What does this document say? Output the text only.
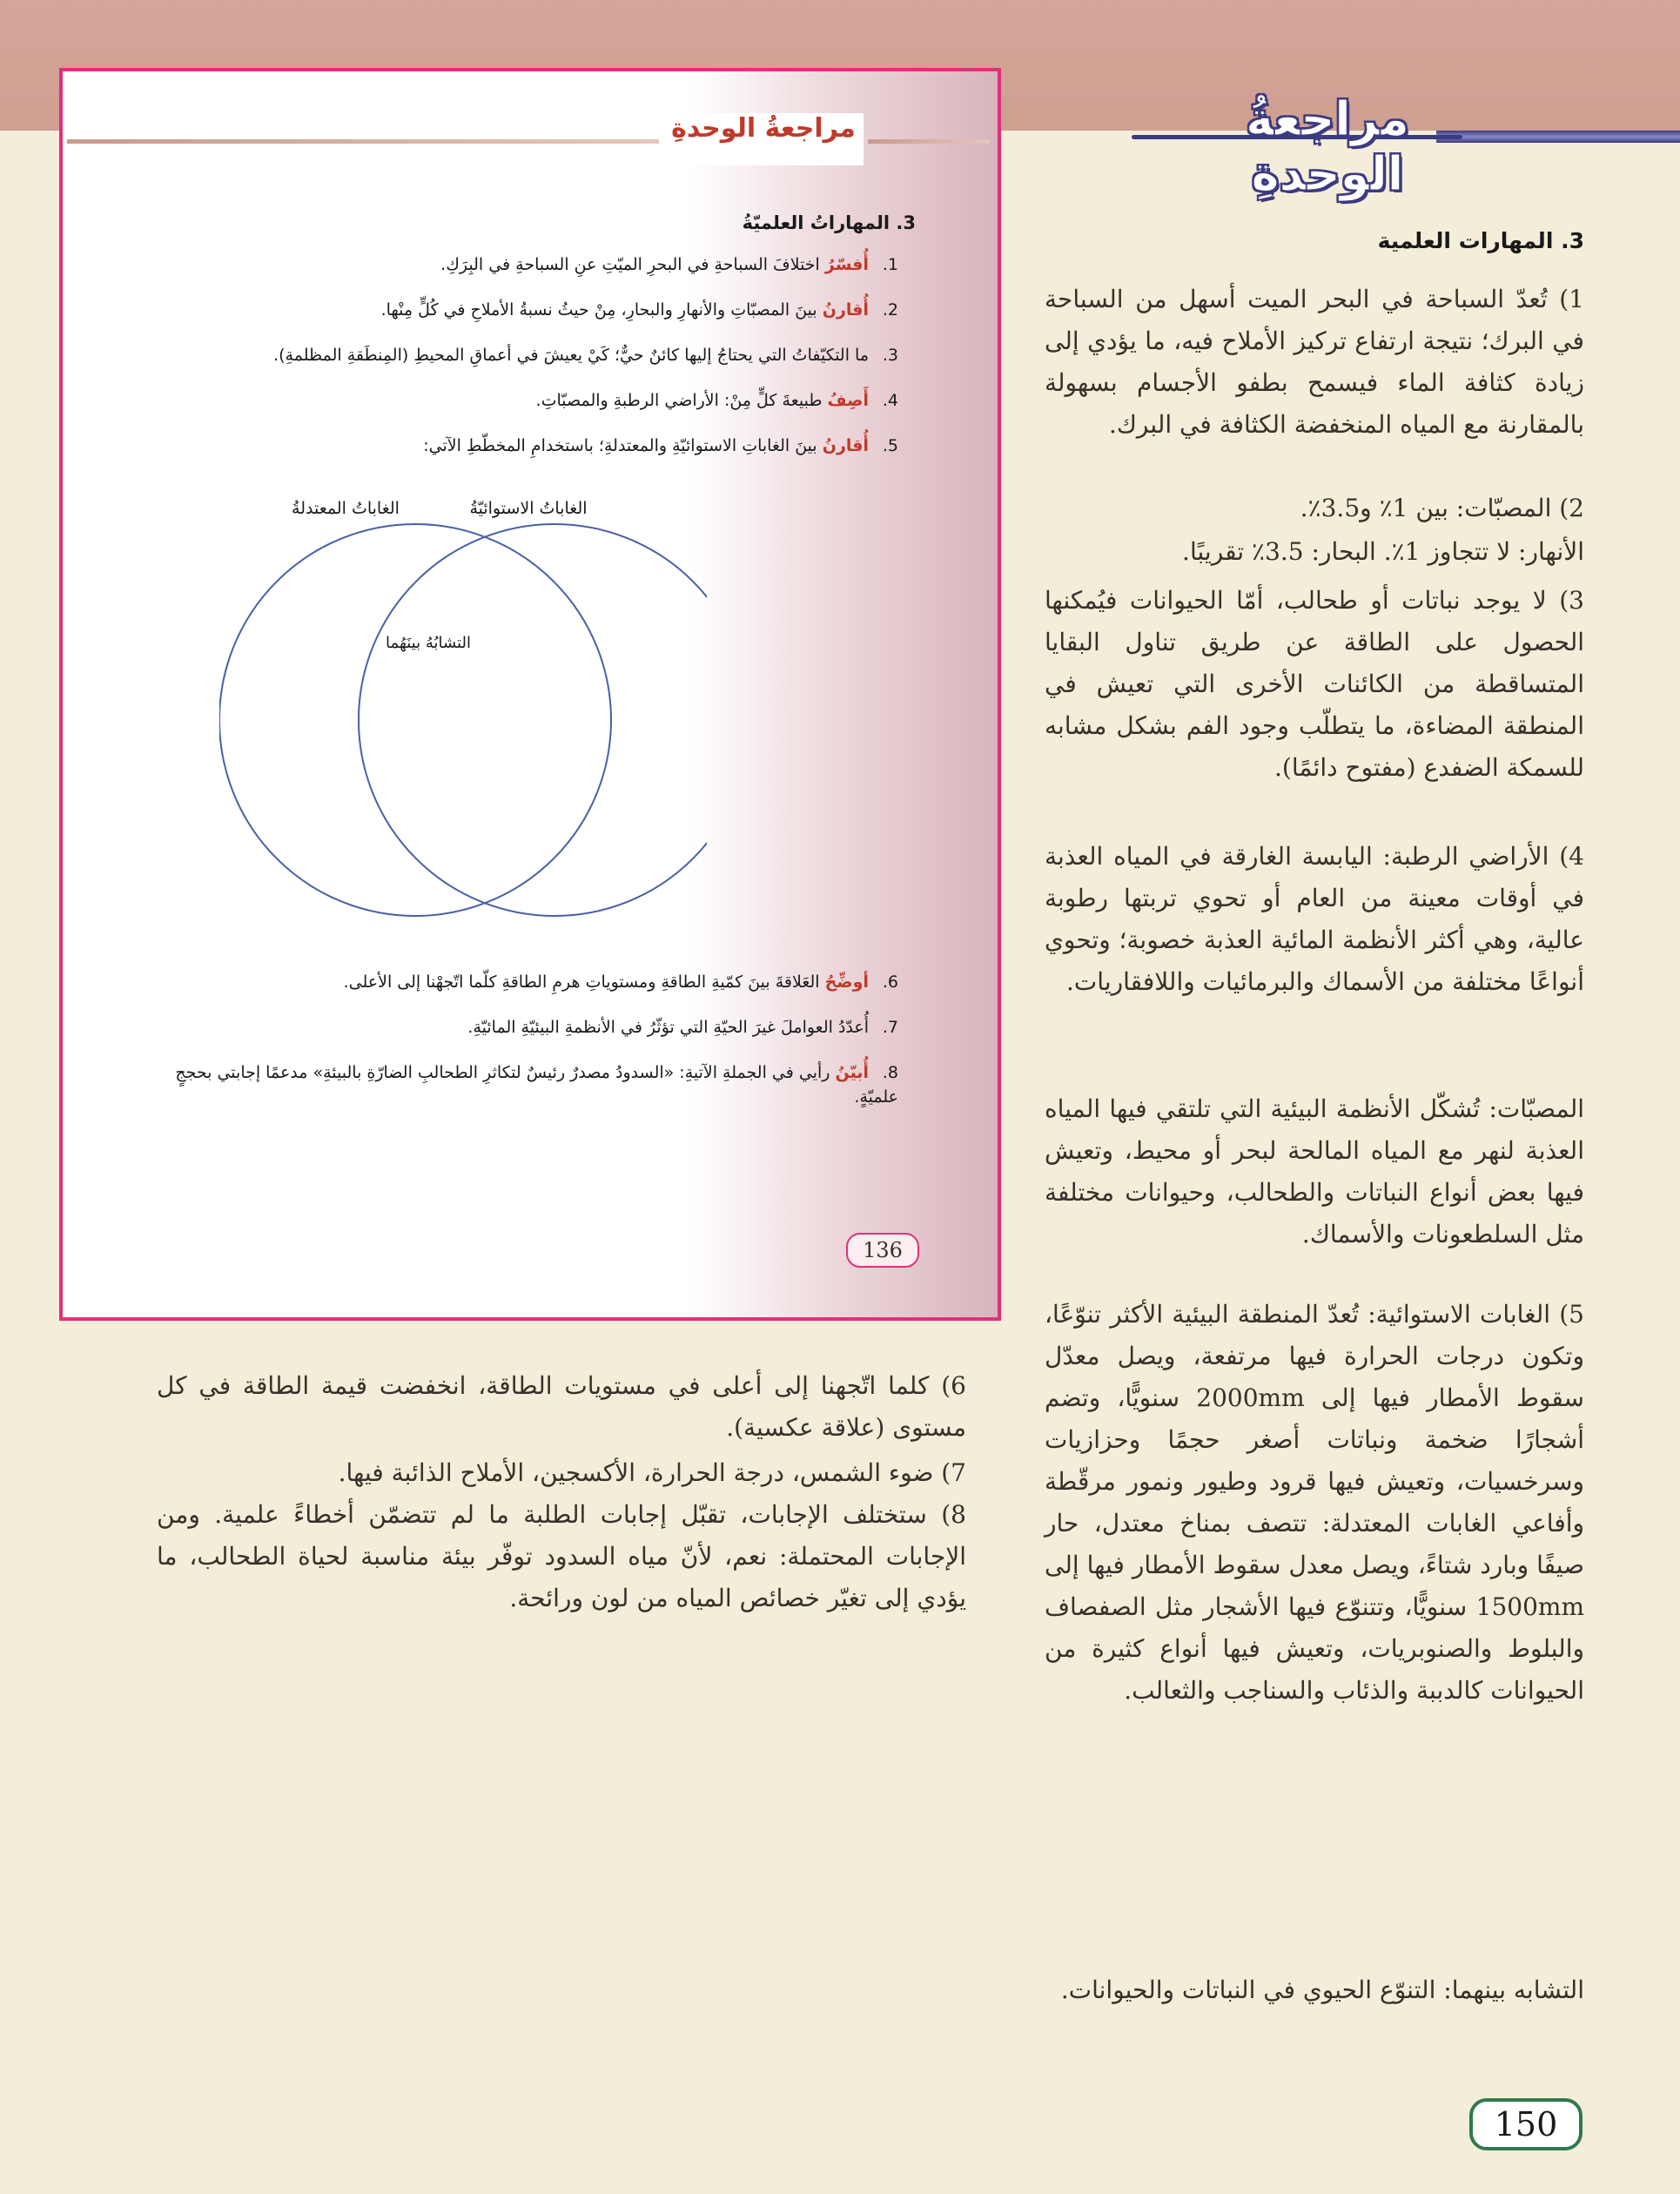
مراجعةُ الوحدةِ
مراجعةُ الوحدةِ
3. المهاراتُ العلميّةُ
1.أُفسّرُ اختلافَ السباحةِ في البحرِ الميّتِ عنِ السباحةِ في البِرَكِ.
2.أُقارنُ بينَ المصبّاتِ والأنهارِ والبحارِ، مِنْ حيثُ نسبةُ الأملاحِ في كُلٍّ مِنْها.
3.ما التكيّفاتُ التي يحتاجُ إليها كائنٌ حيٌّ؛ كَيْ يعيشَ في أعماقِ المحيطِ (المِنطَقةِ المظلمةِ).
4.أَصِفُ طبيعةَ كلٍّ مِنْ: الأراضي الرطبةِ والمصبّاتِ.
5.أُقارنُ بينَ الغاباتِ الاستوائيّةِ والمعتدلةِ؛ باستخدامِ المخطّطِ الآتي:
الغاباتُ الاستوائيّةُ
الغاباتُ المعتدلةُ
التشابُهُ بينَهُما
6.أوضِّحُ العَلاقةَ بينَ كمّيةِ الطاقةِ ومستوياتِ هرمِ الطاقةِ كلّما اتّجهْنا إلى الأعلى.
7.أُعدّدُ العواملَ غيرَ الحيّةِ التي تؤثّرُ في الأنظمةِ البيئيّةِ المائيّةِ.
8.أُبيّنُ رأيي في الجملةِ الآتيةِ: «السدودُ مصدرٌ رئيسٌ لتكاثرِ الطحالبِ الضارّةِ بالبيئةِ» مدعمًا إجابتي بحججٍ علميّةٍ.
136
3. المهارات العلمية
1) تُعدّ السباحة في البحر الميت أسهل من السباحة في البرك؛ نتيجة ارتفاع تركيز الأملاح فيه، ما يؤدي إلى زيادة كثافة الماء فيسمح بطفو الأجسام بسهولة بالمقارنة مع المياه المنخفضة الكثافة في البرك.
2) المصبّات: بين 1٪ و3.5٪.
الأنهار: لا تتجاوز 1٪. البحار: 3.5٪ تقريبًا.
3) لا يوجد نباتات أو طحالب، أمّا الحيوانات فيُمكنها الحصول على الطاقة عن طريق تناول البقايا المتساقطة من الكائنات الأخرى التي تعيش في المنطقة المضاءة، ما يتطلّب وجود الفم بشكل مشابه للسمكة الضفدع (مفتوح دائمًا).
4) الأراضي الرطبة: اليابسة الغارقة في المياه العذبة في أوقات معينة من العام أو تحوي تربتها رطوبة عالية، وهي أكثر الأنظمة المائية العذبة خصوبة؛ وتحوي أنواعًا مختلفة من الأسماك والبرمائيات واللافقاريات.
المصبّات: تُشكّل الأنظمة البيئية التي تلتقي فيها المياه العذبة لنهر مع المياه المالحة لبحر أو محيط، وتعيش فيها بعض أنواع النباتات والطحالب، وحيوانات مختلفة مثل السلطعونات والأسماك.
5) الغابات الاستوائية: تُعدّ المنطقة البيئية الأكثر تنوّعًا، وتكون درجات الحرارة فيها مرتفعة، ويصل معدّل سقوط الأمطار فيها إلى 2000mm سنويًّا، وتضم أشجارًا ضخمة ونباتات أصغر حجمًا وحزازيات وسرخسيات، وتعيش فيها قرود وطيور ونمور مرقّطة وأفاعي الغابات المعتدلة: تتصف بمناخ معتدل، حار صيفًا وبارد شتاءً، ويصل معدل سقوط الأمطار فيها إلى 1500mm سنويًّا، وتتنوّع فيها الأشجار مثل الصفصاف والبلوط والصنوبريات، وتعيش فيها أنواع كثيرة من الحيوانات كالدببة والذئاب والسناجب والثعالب.
التشابه بينهما: التنوّع الحيوي في النباتات والحيوانات.
6) كلما اتّجهنا إلى أعلى في مستويات الطاقة، انخفضت قيمة الطاقة في كل مستوى (علاقة عكسية).
7) ضوء الشمس، درجة الحرارة، الأكسجين، الأملاح الذائبة فيها.
8) ستختلف الإجابات، تقبّل إجابات الطلبة ما لم تتضمّن أخطاءً علمية. ومن الإجابات المحتملة: نعم، لأنّ مياه السدود توفّر بيئة مناسبة لحياة الطحالب، ما يؤدي إلى تغيّر خصائص المياه من لون ورائحة.
150
